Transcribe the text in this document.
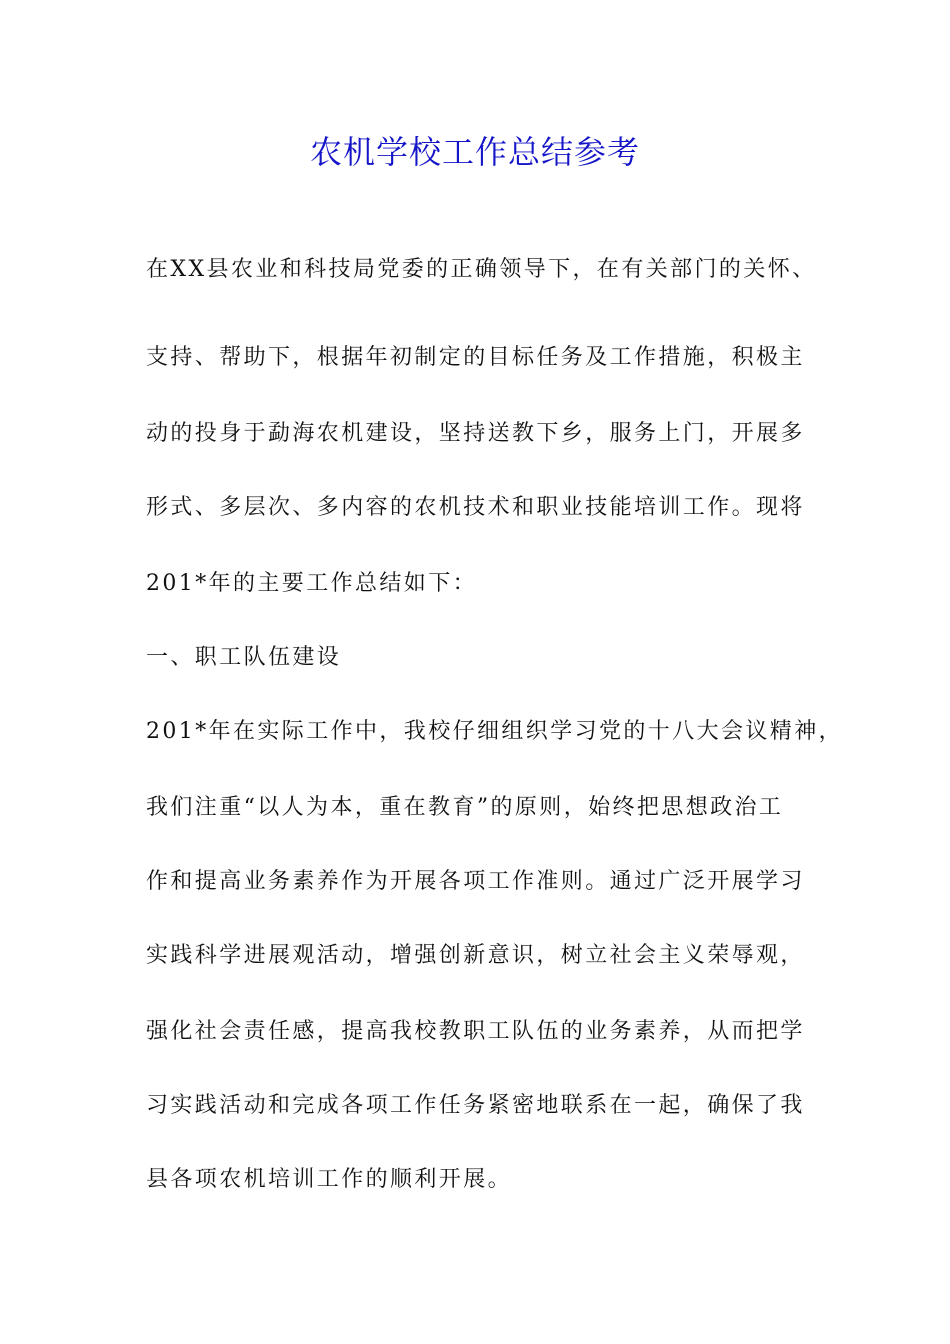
农机学校工作总结参考

在XX县农业和科技局党委的正确领导下，在有关部门的关怀、

支持、帮助下，根据年初制定的目标任务及工作措施，积极主

动的投身于勐海农机建设，坚持送教下乡，服务上门，开展多

形式、多层次、多内容的农机技术和职业技能培训工作。现将

201*年的主要工作总结如下：

一、职工队伍建设

201*年在实际工作中，我校仔细组织学习党的十八大会议精神，

我们注重“以人为本，重在教育”的原则，始终把思想政治工

作和提高业务素养作为开展各项工作准则。通过广泛开展学习

实践科学进展观活动，增强创新意识，树立社会主义荣辱观，

强化社会责任感，提高我校教职工队伍的业务素养，从而把学

习实践活动和完成各项工作任务紧密地联系在一起，确保了我

县各项农机培训工作的顺利开展。
